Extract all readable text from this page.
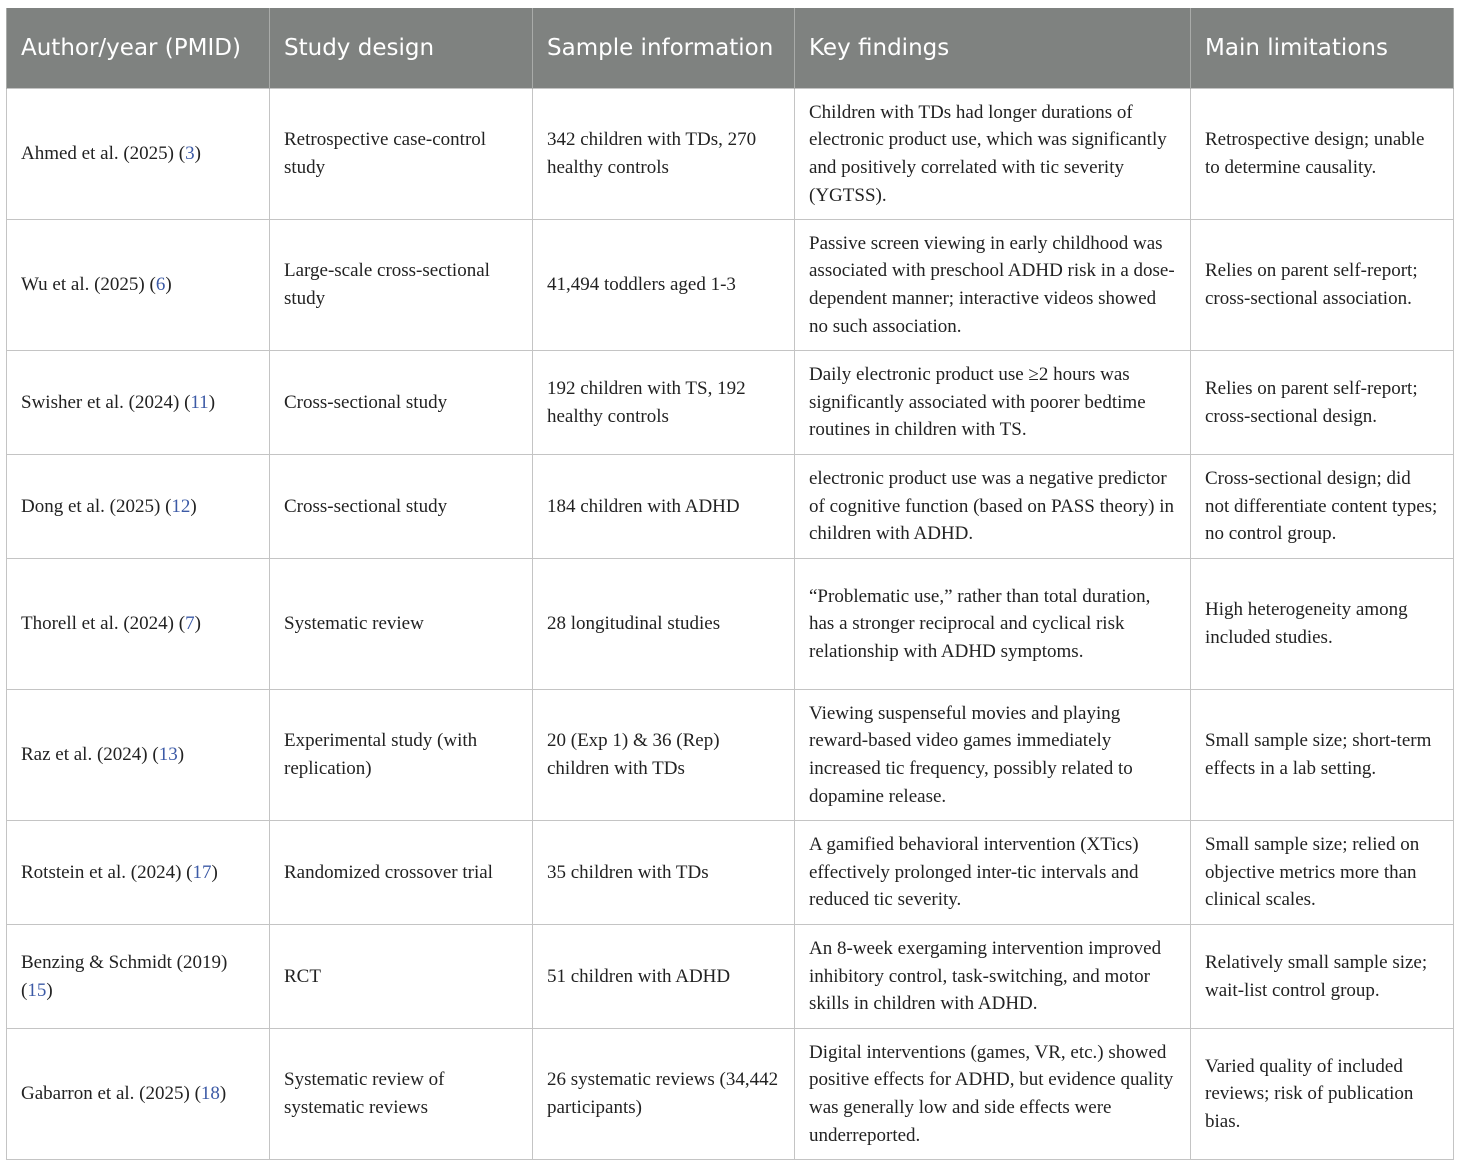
Author/year (PMID)	Study design	Sample information	Key findings	Main limitations
Ahmed et al. (2025) (3)	Retrospective case-control study	342 children with TDs, 270 healthy controls	Children with TDs had longer durations of electronic product use, which was significantly and positively correlated with tic severity (YGTSS).	Retrospective design; unable to determine causality.
Wu et al. (2025) (6)	Large-scale cross-sectional study	41,494 toddlers aged 1-3	Passive screen viewing in early childhood was associated with preschool ADHD risk in a dose-dependent manner; interactive videos showed no such association.	Relies on parent self-report; cross-sectional association.
Swisher et al. (2024) (11)	Cross-sectional study	192 children with TS, 192 healthy controls	Daily electronic product use ≥2 hours was significantly associated with poorer bedtime routines in children with TS.	Relies on parent self-report; cross-sectional design.
Dong et al. (2025) (12)	Cross-sectional study	184 children with ADHD	electronic product use was a negative predictor of cognitive function (based on PASS theory) in children with ADHD.	Cross-sectional design; did not differentiate content types; no control group.
Thorell et al. (2024) (7)	Systematic review	28 longitudinal studies	“Problematic use,” rather than total duration, has a stronger reciprocal and cyclical risk relationship with ADHD symptoms.	High heterogeneity among included studies.
Raz et al. (2024) (13)	Experimental study (with replication)	20 (Exp 1) & 36 (Rep) children with TDs	Viewing suspenseful movies and playing reward-based video games immediately increased tic frequency, possibly related to dopamine release.	Small sample size; short-term effects in a lab setting.
Rotstein et al. (2024) (17)	Randomized crossover trial	35 children with TDs	A gamified behavioral intervention (XTics) effectively prolonged inter-tic intervals and reduced tic severity.	Small sample size; relied on objective metrics more than clinical scales.
Benzing & Schmidt (2019) (15)	RCT	51 children with ADHD	An 8-week exergaming intervention improved inhibitory control, task-switching, and motor skills in children with ADHD.	Relatively small sample size; wait-list control group.
Gabarron et al. (2025) (18)	Systematic review of systematic reviews	26 systematic reviews (34,442 participants)	Digital interventions (games, VR, etc.) showed positive effects for ADHD, but evidence quality was generally low and side effects were underreported.	Varied quality of included reviews; risk of publication bias.
